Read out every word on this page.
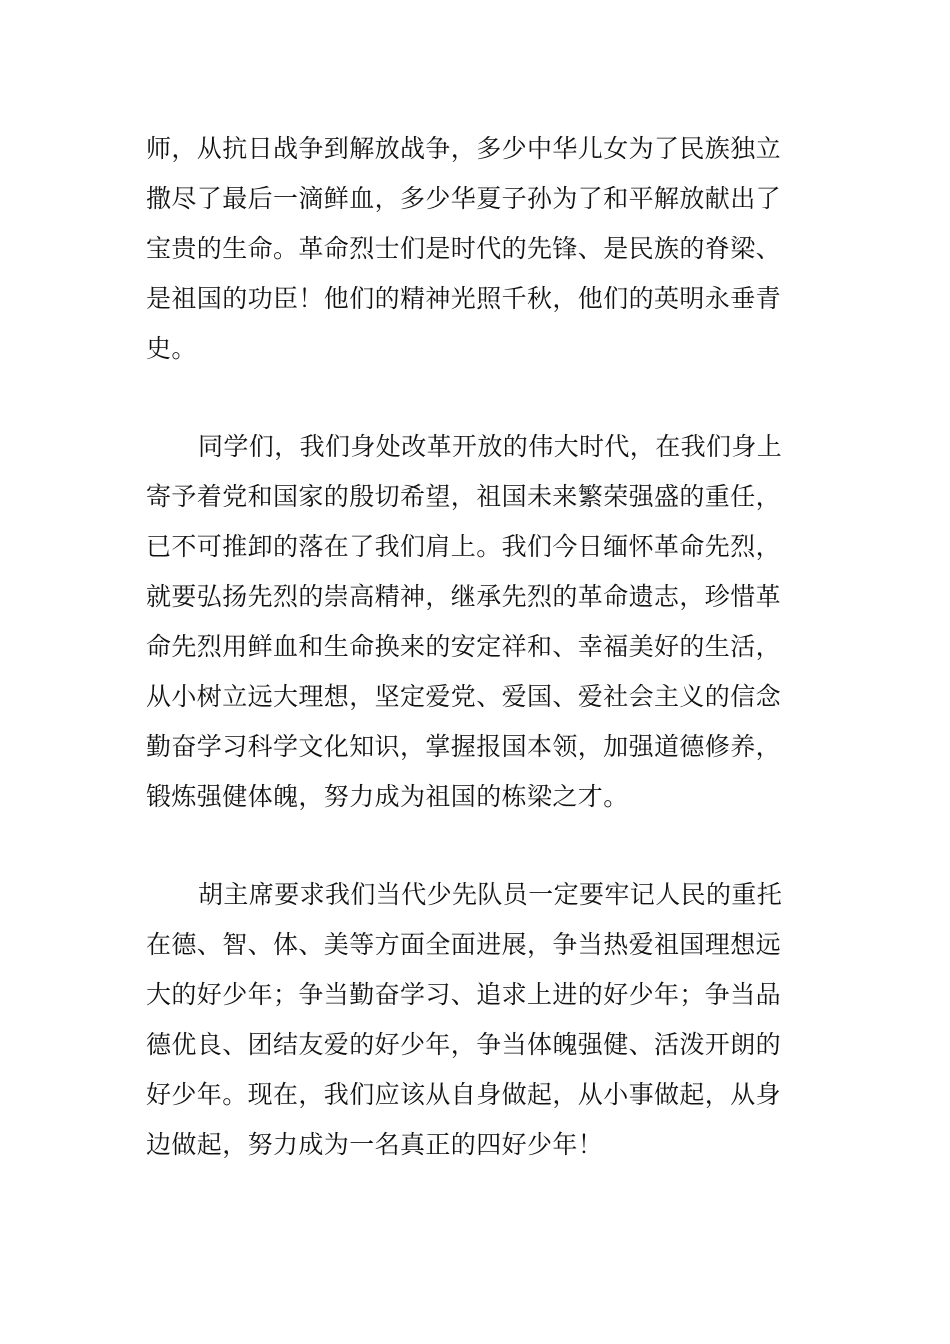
师，从抗日战争到解放战争，多少中华儿女为了民族独立
撒尽了最后一滴鲜血，多少华夏子孙为了和平解放献出了
宝贵的生命。革命烈士们是时代的先锋、是民族的脊梁、
是祖国的功臣！他们的精神光照千秋，他们的英明永垂青
史。
同学们，我们身处改革开放的伟大时代，在我们身上
寄予着党和国家的殷切希望，祖国未来繁荣强盛的重任，
已不可推卸的落在了我们肩上。我们今日缅怀革命先烈，
就要弘扬先烈的崇高精神，继承先烈的革命遗志，珍惜革
命先烈用鲜血和生命换来的安定祥和、幸福美好的生活，
从小树立远大理想，坚定爱党、爱国、爱社会主义的信念
勤奋学习科学文化知识，掌握报国本领，加强道德修养，
锻炼强健体魄，努力成为祖国的栋梁之才。
胡主席要求我们当代少先队员一定要牢记人民的重托
在德、智、体、美等方面全面进展，争当热爱祖国理想远
大的好少年；争当勤奋学习、追求上进的好少年；争当品
德优良、团结友爱的好少年，争当体魄强健、活泼开朗的
好少年。现在，我们应该从自身做起，从小事做起，从身
边做起，努力成为一名真正的四好少年！
